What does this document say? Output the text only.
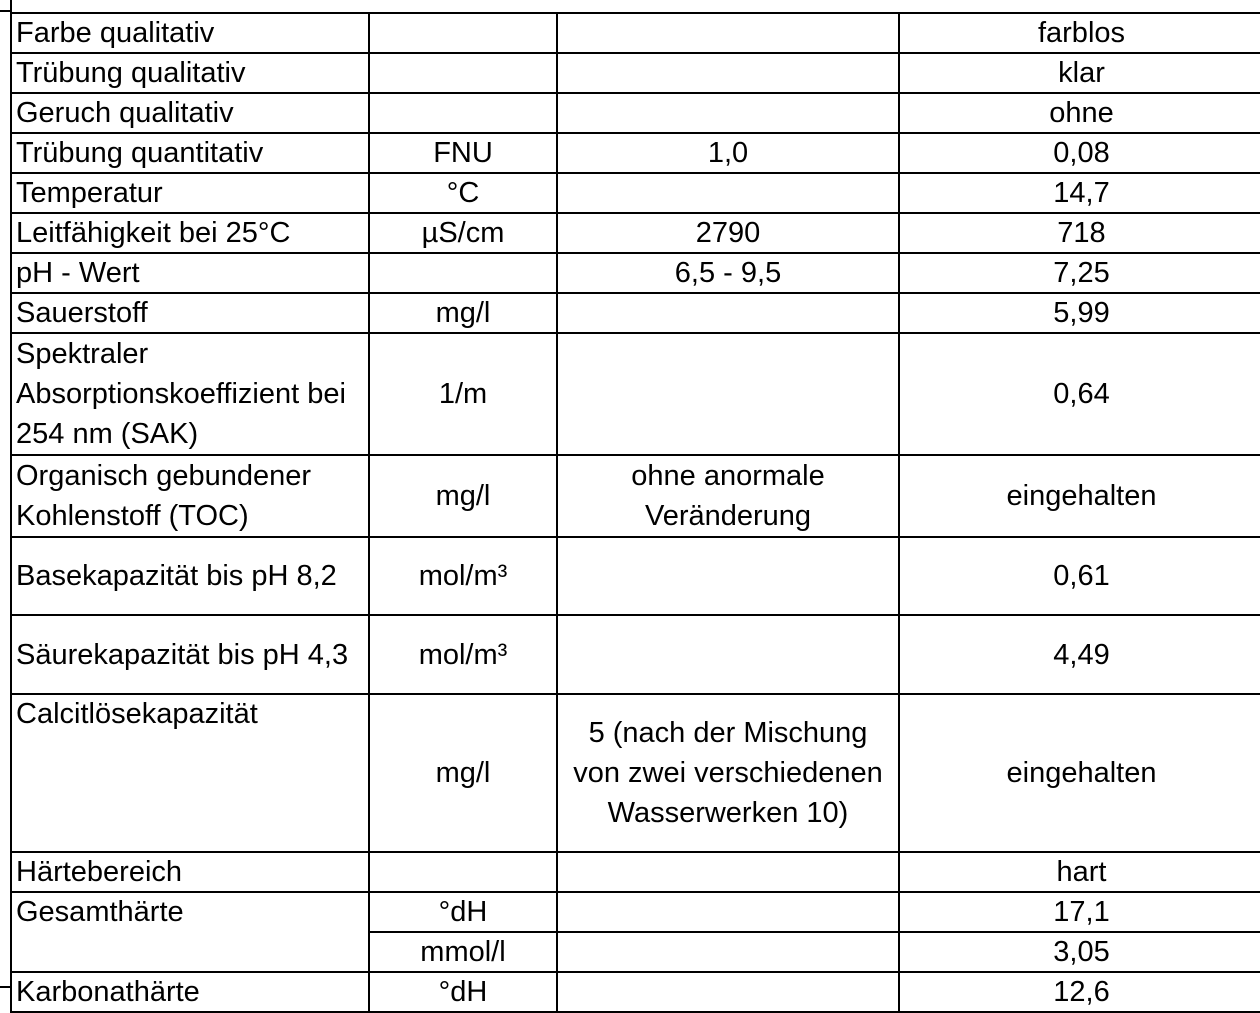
Farbe qualitativ			farblos
Trübung qualitativ			klar
Geruch qualitativ			ohne
Trübung quantitativ	FNU	1,0	0,08
Temperatur	°C		14,7
Leitfähigkeit bei 25°C	µS/cm	2790	718
pH - Wert		6,5 - 9,5	7,25
Sauerstoff	mg/l		5,99
Spektraler Absorptionskoeffizient bei 254 nm (SAK)	1/m		0,64
Organisch gebundener Kohlenstoff (TOC)	mg/l	ohne anormale Veränderung	eingehalten
Basekapazität bis pH 8,2	mol/m³		0,61
Säurekapazität bis pH 4,3	mol/m³		4,49
Calcitlösekapazität	mg/l	5 (nach der Mischung von zwei verschiedenen Wasserwerken 10)	eingehalten
Härtebereich			hart
Gesamthärte	°dH		17,1
	mmol/l		3,05
Karbonathärte	°dH		12,6
